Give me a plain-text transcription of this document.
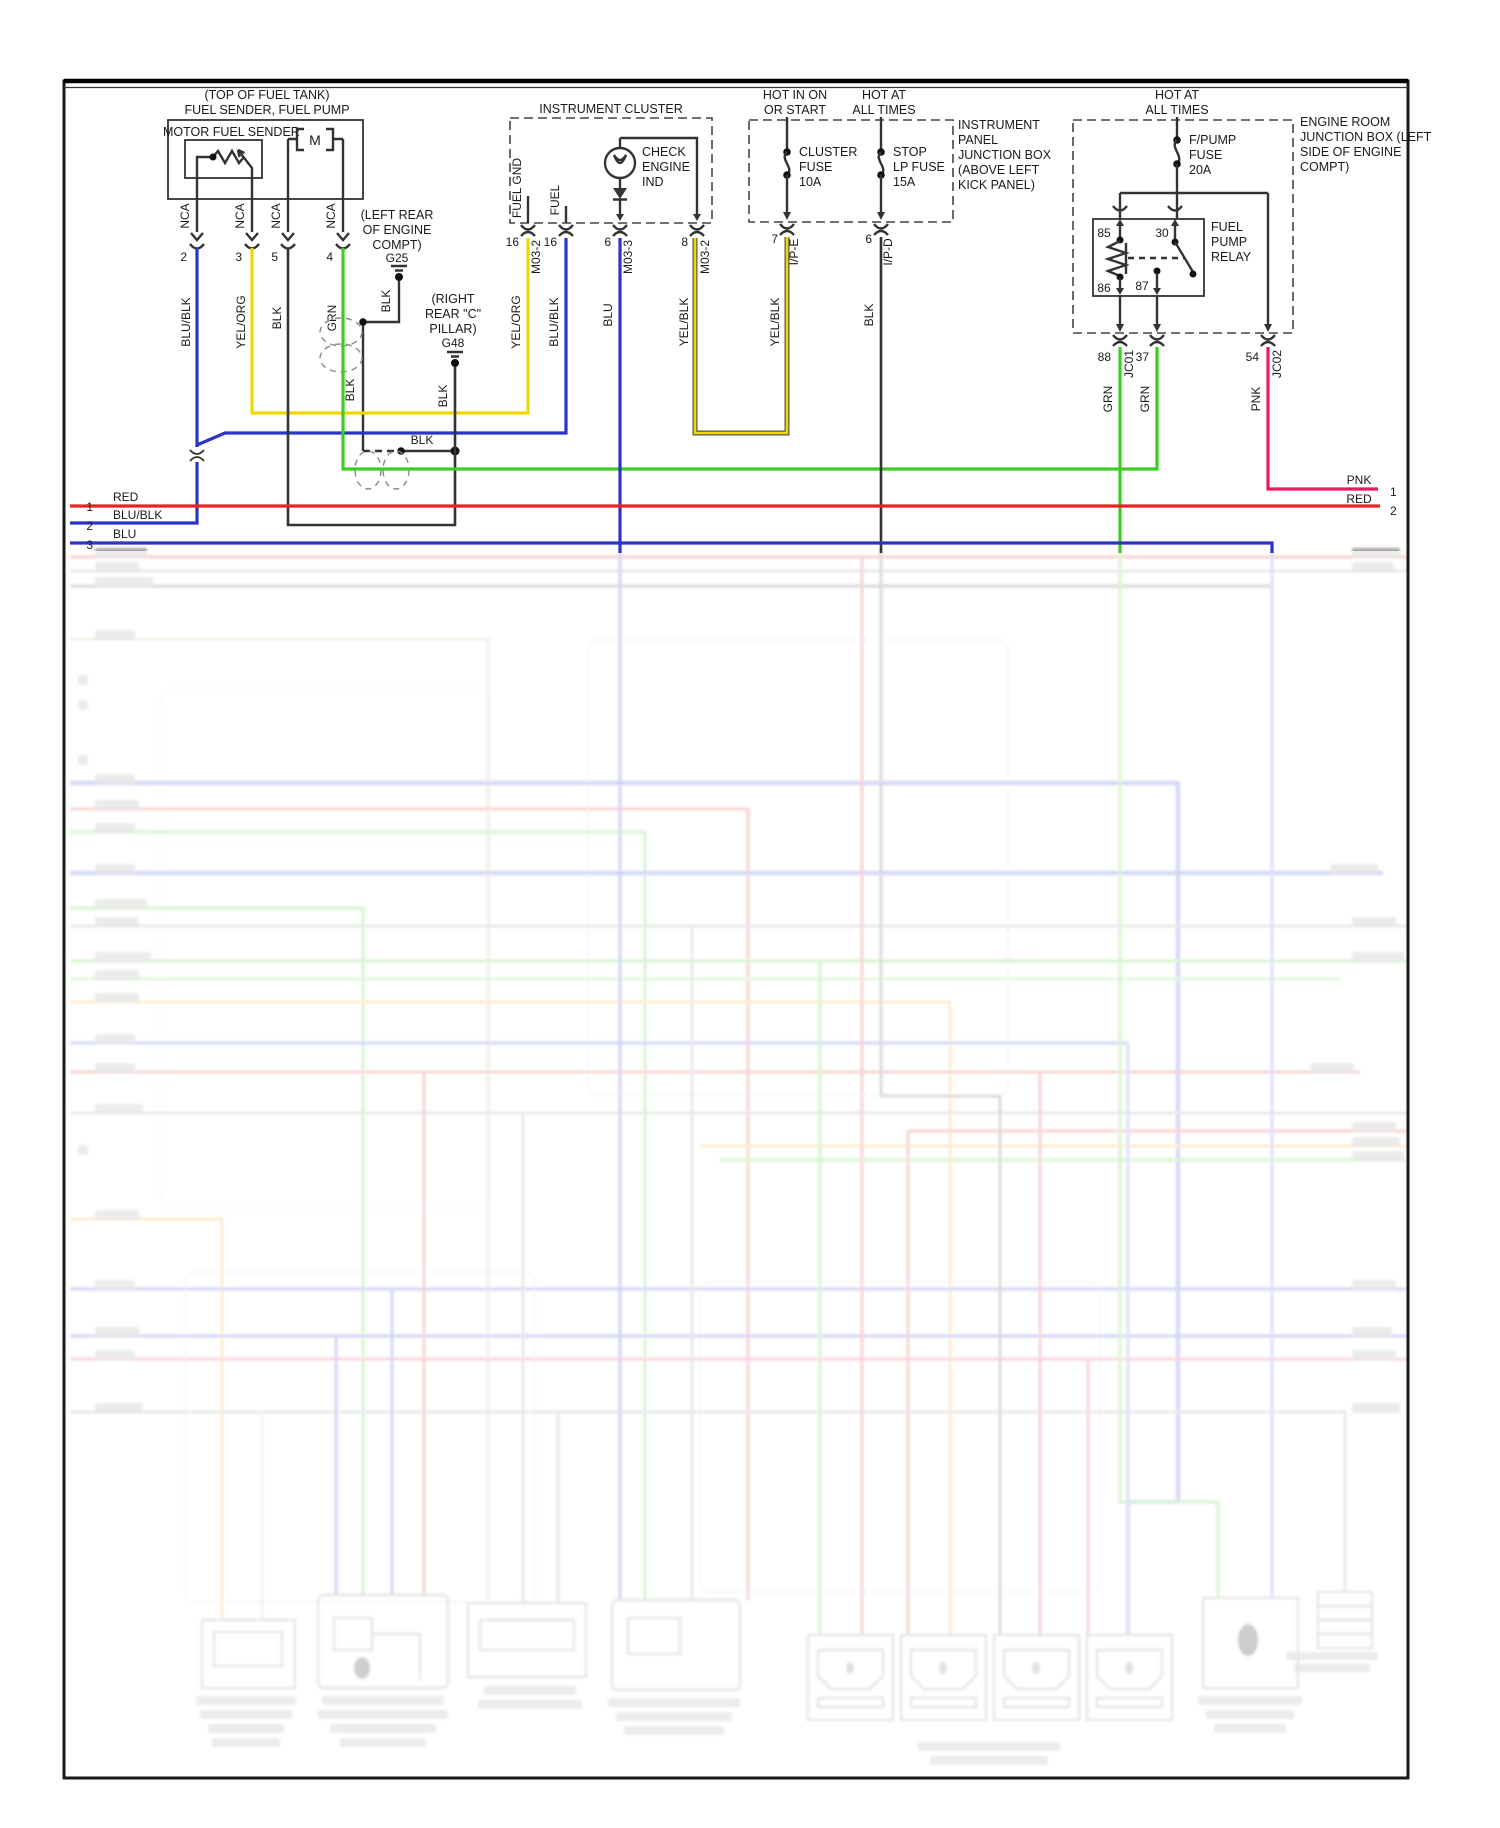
(TOP OF FUEL TANK)
FUEL SENDER, FUEL PUMP
MOTOR FUEL SENDER M
NCA	NCA NCA	NCA
2	3 5	4
BLU/BLK	YEL/ORG BLK	GRN
(LEFT REAR
OF ENGINE
COMPT)
G25
BLK
BLK
(RIGHT
REAR "C"
PILLAR)
G48
BLK
BLK
INSTRUMENT CLUSTER
CHECK
ENGINE
IND
FUEL GND FUEL
16 M03-2 16	6 M03-3	8 M03-2
YEL/ORG BLU/BLK	BLU	YEL/BLK
HOT IN ON
OR START
HOT AT
ALL TIMES
INSTRUMENT
PANEL
JUNCTION BOX
(ABOVE LEFT
KICK PANEL)
CLUSTER
FUSE
10A
STOP
LP FUSE
15A
7 I/P-E	6 I/P-D
YEL/BLK	BLK
HOT AT
ALL TIMES
ENGINE ROOM
JUNCTION BOX (LEFT
SIDE OF ENGINE
COMPT)
F/PUMP
FUSE
20A
FUEL
PUMP
RELAY
85	30
86 87
88 JC01 37	54 JC02
GRN GRN	PNK
1
RED
2
BLU/BLK
3
BLU
PNK
1
RED
2
